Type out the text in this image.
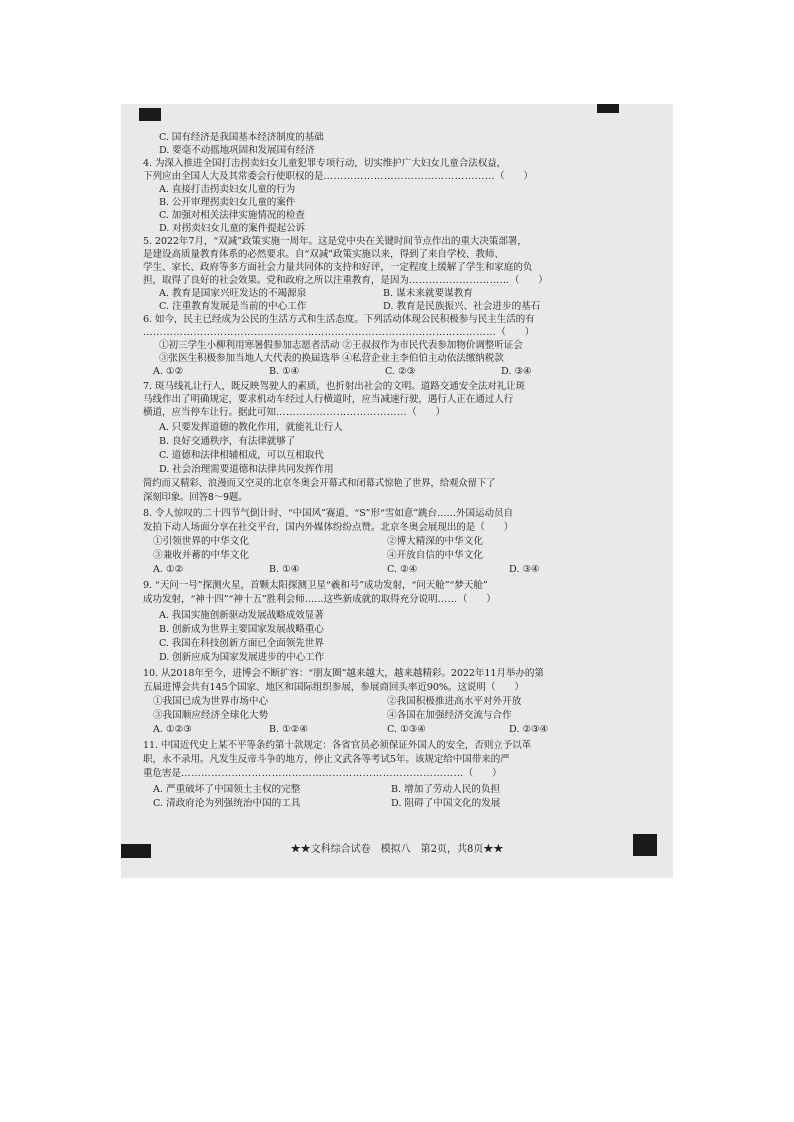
C. 国有经济是我国基本经济制度的基础
D. 要毫不动摇地巩固和发展国有经济
4. 为深入推进全国打击拐卖妇女儿童犯罪专项行动，切实维护广大妇女儿童合法权益，
下列应由全国人大及其常委会行使职权的是……………………………………………（　　）
A. 直接打击拐卖妇女儿童的行为
B. 公开审理拐卖妇女儿童的案件
C. 加强对相关法律实施情况的检查
D. 对拐卖妇女儿童的案件提起公诉
5. 2022年7月，“双减”政策实施一周年。这是党中央在关键时间节点作出的重大决策部署，
是建设高质量教育体系的必然要求。自“双减”政策实施以来，得到了来自学校、教师、
学生、家长、政府等多方面社会力量共同体的支持和好评，一定程度上缓解了学生和家庭的负
担，取得了良好的社会效果。党和政府之所以注重教育，是因为…………………………（　　）
A. 教育是国家兴旺发达的不竭源泉	B. 谋未来就要谋教育
C. 注重教育发展是当前的中心工作	D. 教育是民族振兴、社会进步的基石
6. 如今，民主已经成为公民的生活方式和生活态度。下列活动体现公民积极参与民主生活的有
……………………………………………………………………………………………（　　）
①初三学生小柳利用寒暑假参加志愿者活动 ②王叔叔作为市民代表参加物价调整听证会
③张医生积极参加当地人大代表的换届选举 ④私营企业主李伯伯主动依法缴纳税款
A. ①②	B. ①④	C. ②③	D. ③④
7. 斑马线礼让行人，既反映驾驶人的素质，也折射出社会的文明。道路交通安全法对礼让斑
马线作出了明确规定，要求机动车经过人行横道时，应当减速行驶，遇行人正在通过人行
横道，应当停车让行。据此可知…………………………………（　　）
A. 只要发挥道德的教化作用，就能礼让行人
B. 良好交通秩序，有法律就够了
C. 道德和法律相辅相成，可以互相取代
D. 社会治理需要道德和法律共同发挥作用
简约而又精彩、浪漫而又空灵的北京冬奥会开幕式和闭幕式惊艳了世界，给观众留下了
深刻印象。回答8～9题。
8. 令人惊叹的二十四节气倒计时、“中国风”赛道、“S”形“雪如意”跳台……外国运动员自
发拍下动人场面分享在社交平台，国内外媒体纷纷点赞。北京冬奥会展现出的是（　　）
①引领世界的中华文化	②博大精深的中华文化
③兼收并蓄的中华文化	④开放自信的中华文化
A. ①②	B. ①④	C. ②④	D. ③④
9. “天问一号”探测火星，首颗太阳探测卫星“羲和号”成功发射，“问天舱”“梦天舱”
成功发射，“神十四”“神十五”胜利会师……这些新成就的取得充分说明……（　　）
A. 我国实施创新驱动发展战略成效显著
B. 创新成为世界主要国家发展战略重心
C. 我国在科技创新方面已全面领先世界
D. 创新应成为国家发展进步的中心工作
10. 从2018年至今，进博会不断扩容：“朋友圈”越来越大，越来越精彩。2022年11月举办的第
五届进博会共有145个国家、地区和国际组织参展，参展商回头率近90%。这说明（　　）
①我国已成为世界市场中心	②我国积极推进高水平对外开放
③我国顺应经济全球化大势	④各国在加强经济交流与合作
A. ①②③	B. ①②④	C. ①③④	D. ②③④
11. 中国近代史上某不平等条约第十款规定：各省官员必须保证外国人的安全，否则立予以革
职，永不录用。凡发生反帝斗争的地方，停止文武各等考试5年。该规定给中国带来的严
重危害是…………………………………………………………………………（　　）
A. 严重破坏了中国领土主权的完整	B. 增加了劳动人民的负担
C. 清政府沦为列强统治中国的工具	D. 阻碍了中国文化的发展
★★文科综合试卷　模拟八　第2页，共8页★★
